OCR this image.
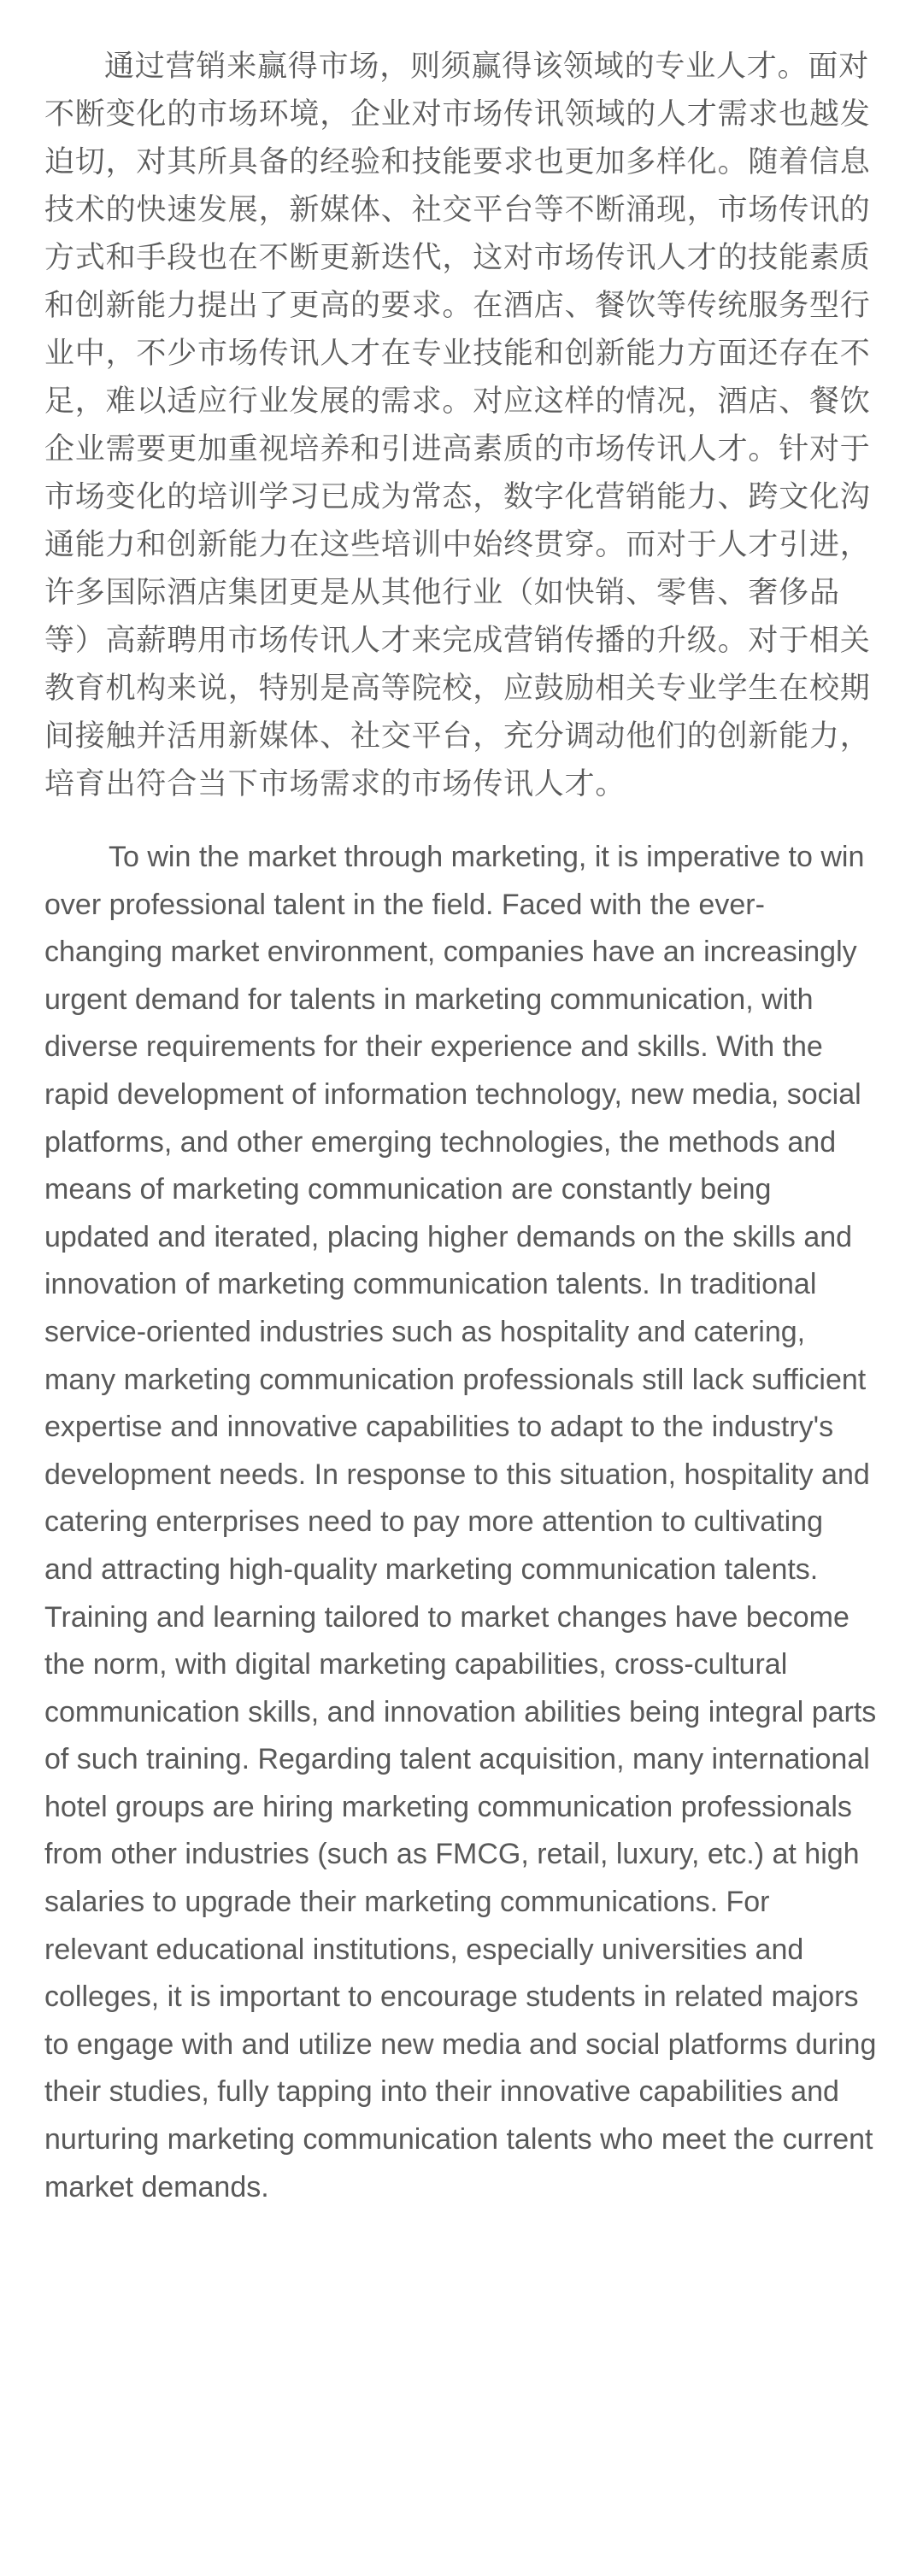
通过营销来赢得市场，则须赢得该领域的专业人才。面对不断变化的市场环境，企业对市场传讯领域的人才需求也越发迫切，对其所具备的经验和技能要求也更加多样化。随着信息技术的快速发展，新媒体、社交平台等不断涌现，市场传讯的方式和手段也在不断更新迭代，这对市场传讯人才的技能素质和创新能力提出了更高的要求。在酒店、餐饮等传统服务型行业中，不少市场传讯人才在专业技能和创新能力方面还存在不足，难以适应行业发展的需求。对应这样的情况，酒店、餐饮企业需要更加重视培养和引进高素质的市场传讯人才。针对于市场变化的培训学习已成为常态，数字化营销能力、跨文化沟通能力和创新能力在这些培训中始终贯穿。而对于人才引进，许多国际酒店集团更是从其他行业（如快销、零售、奢侈品等）高薪聘用市场传讯人才来完成营销传播的升级。对于相关教育机构来说，特别是高等院校，应鼓励相关专业学生在校期间接触并活用新媒体、社交平台，充分调动他们的创新能力，培育出符合当下市场需求的市场传讯人才。

To win the market through marketing, it is imperative to win over professional talent in the field. Faced with the ever-changing market environment, companies have an increasingly urgent demand for talents in marketing communication, with diverse requirements for their experience and skills. With the rapid development of information technology, new media, social platforms, and other emerging technologies, the methods and means of marketing communication are constantly being updated and iterated, placing higher demands on the skills and innovation of marketing communication talents. In traditional service-oriented industries such as hospitality and catering, many marketing communication professionals still lack sufficient expertise and innovative capabilities to adapt to the industry's development needs. In response to this situation, hospitality and catering enterprises need to pay more attention to cultivating and attracting high-quality marketing communication talents. Training and learning tailored to market changes have become the norm, with digital marketing capabilities, cross-cultural communication skills, and innovation abilities being integral parts of such training. Regarding talent acquisition, many international hotel groups are hiring marketing communication professionals from other industries (such as FMCG, retail, luxury, etc.) at high salaries to upgrade their marketing communications. For relevant educational institutions, especially universities and colleges, it is important to encourage students in related majors to engage with and utilize new media and social platforms during their studies, fully tapping into their innovative capabilities and nurturing marketing communication talents who meet the current market demands.
